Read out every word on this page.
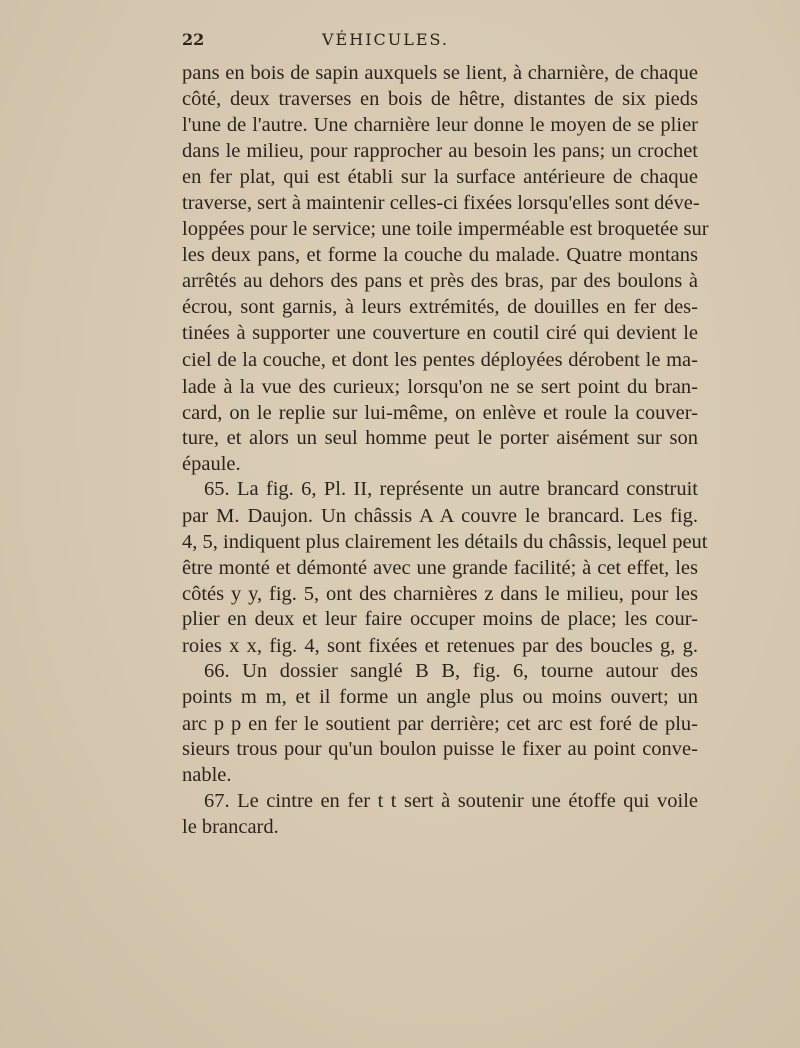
22	VÉHICULES.
pans en bois de sapin auxquels se lient, à charnière, de chaque
côté, deux traverses en bois de hêtre, distantes de six pieds
l'une de l'autre. Une charnière leur donne le moyen de se plier
dans le milieu, pour rapprocher au besoin les pans; un crochet
en fer plat, qui est établi sur la surface antérieure de chaque
traverse, sert à maintenir celles-ci fixées lorsqu'elles sont déve-
loppées pour le service; une toile imperméable est broquetée sur
les deux pans, et forme la couche du malade. Quatre montans
arrêtés au dehors des pans et près des bras, par des boulons à
écrou, sont garnis, à leurs extrémités, de douilles en fer des-
tinées à supporter une couverture en coutil ciré qui devient le
ciel de la couche, et dont les pentes déployées dérobent le ma-
lade à la vue des curieux; lorsqu'on ne se sert point du bran-
card, on le replie sur lui-même, on enlève et roule la couver-
ture, et alors un seul homme peut le porter aisément sur son
épaule.
65. La fig. 6, Pl. II, représente un autre brancard construit
par M. Daujon. Un châssis A A couvre le brancard. Les fig.
4, 5, indiquent plus clairement les détails du châssis, lequel peut
être monté et démonté avec une grande facilité; à cet effet, les
côtés y y, fig. 5, ont des charnières z dans le milieu, pour les
plier en deux et leur faire occuper moins de place; les cour-
roies x x, fig. 4, sont fixées et retenues par des boucles g, g.
66. Un dossier sanglé B B, fig. 6, tourne autour des
points m m, et il forme un angle plus ou moins ouvert; un
arc p p en fer le soutient par derrière; cet arc est foré de plu-
sieurs trous pour qu'un boulon puisse le fixer au point conve-
nable.
67. Le cintre en fer t t sert à soutenir une étoffe qui voile
le brancard.
